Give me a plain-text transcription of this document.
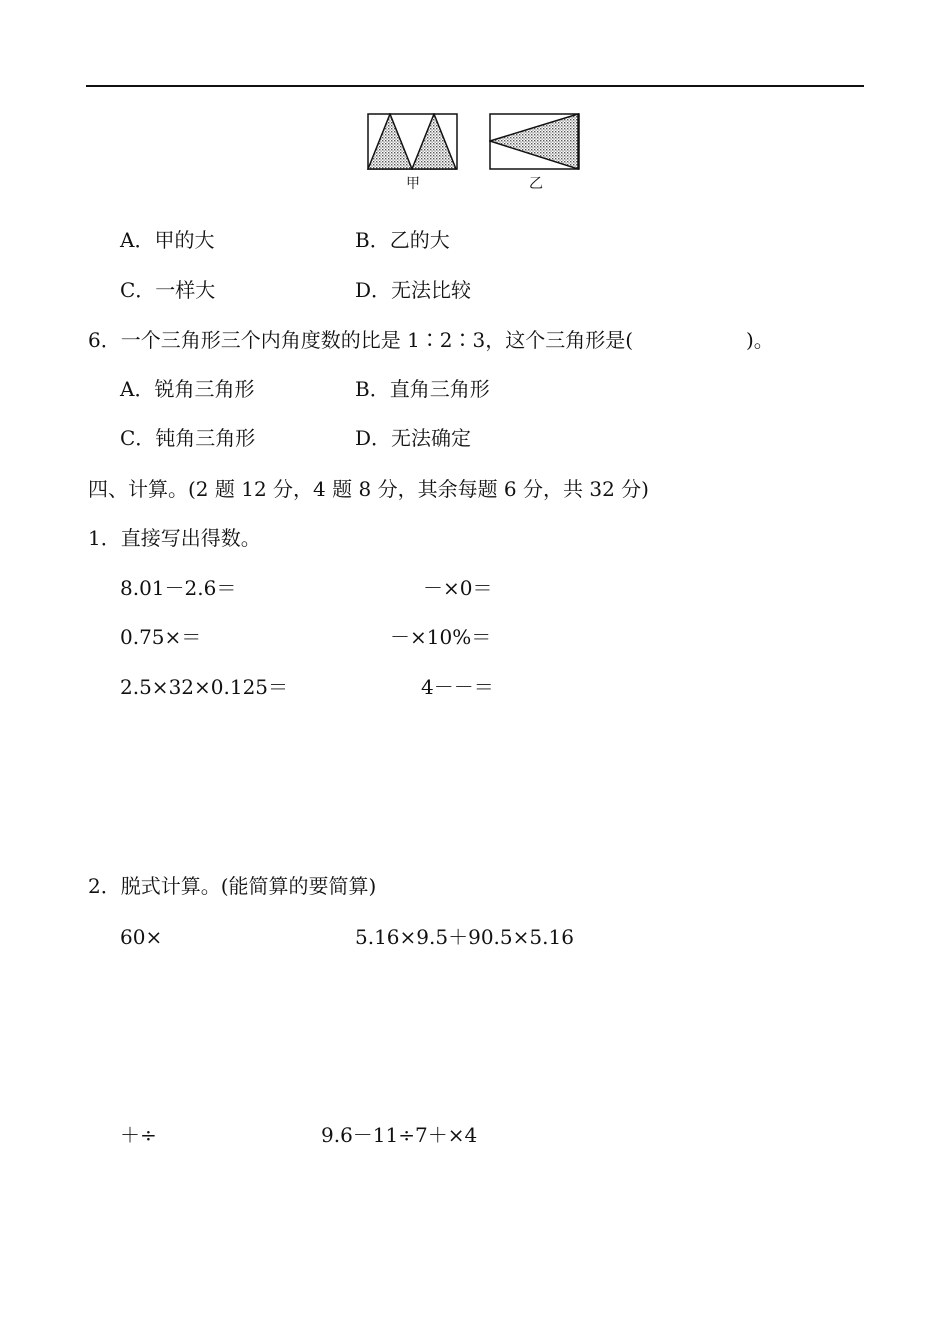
甲	乙
A．甲的大	B．乙的大
C．一样大	D．无法比较
6．一个三角形三个内角度数的比是 1∶2∶3，这个三角形是(	)。
A．锐角三角形	B．直角三角形
C．钝角三角形	D．无法确定
四、计算。(2 题 12 分，4 题 8 分，其余每题 6 分，共 32 分)
1．直接写出得数。
8.01－2.6＝	－×0＝
0.75×＝	－×10%＝
2.5×32×0.125＝	4－－＝
2．脱式计算。(能简算的要简算)
60×	5.16×9.5＋90.5×5.16
＋÷	9.6－11÷7＋×4
